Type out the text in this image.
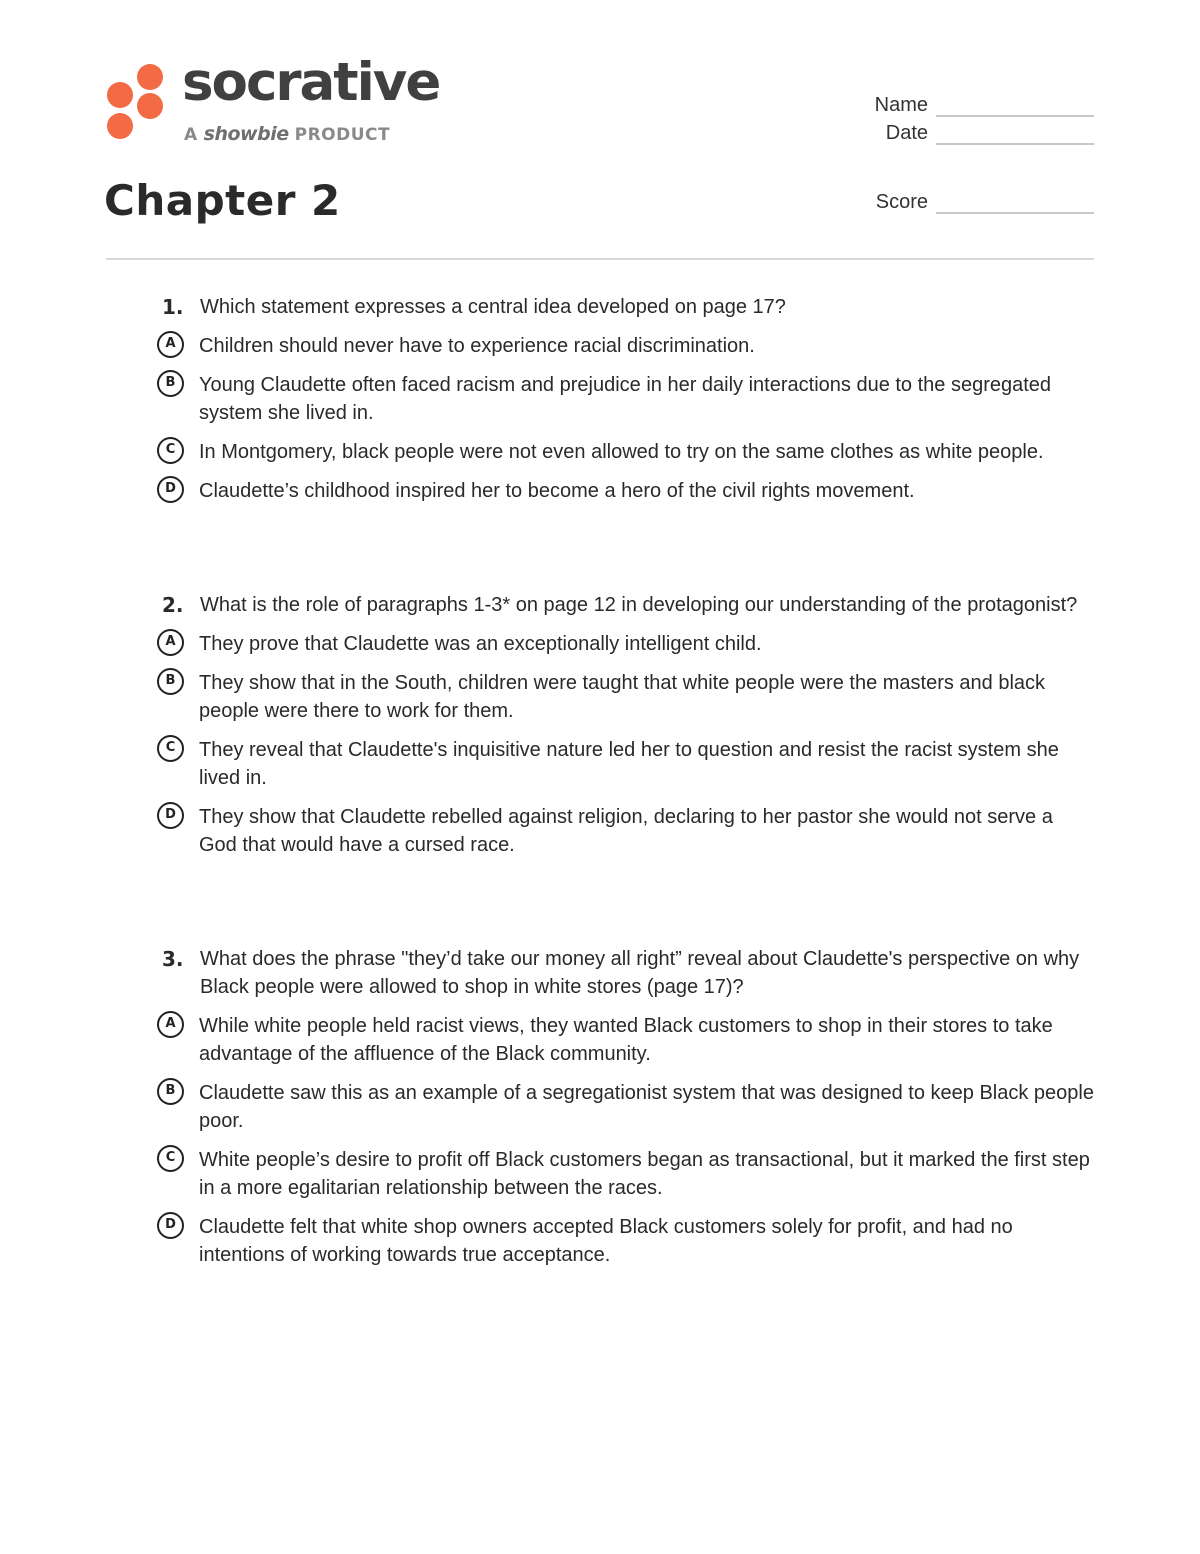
socrative
A showbie PRODUCT
Name
Date
Score
Chapter 2
1. Which statement expresses a central idea developed on page 17?
A	Children should never have to experience racial discrimination.
B	Young Claudette often faced racism and prejudice in her daily interactions due to the segregated system she lived in.
C	In Montgomery, black people were not even allowed to try on the same clothes as white people.
D	Claudette’s childhood inspired her to become a hero of the civil rights movement.
2. What is the role of paragraphs 1-3* on page 12 in developing our understanding of the protagonist?
A	They prove that Claudette was an exceptionally intelligent child.
B	They show that in the South, children were taught that white people were the masters and black people were there to work for them.
C	They reveal that Claudette's inquisitive nature led her to question and resist the racist system she lived in.
D	They show that Claudette rebelled against religion, declaring to her pastor she would not serve a God that would have a cursed race.
3. What does the phrase "they’d take our money all right” reveal about Claudette's perspective on why Black people were allowed to shop in white stores (page 17)?
A	While white people held racist views, they wanted Black customers to shop in their stores to take advantage of the affluence of the Black community.
B	Claudette saw this as an example of a segregationist system that was designed to keep Black people poor.
C	White people’s desire to profit off Black customers began as transactional, but it marked the first step in a more egalitarian relationship between the races.
D	Claudette felt that white shop owners accepted Black customers solely for profit, and had no intentions of working towards true acceptance.
